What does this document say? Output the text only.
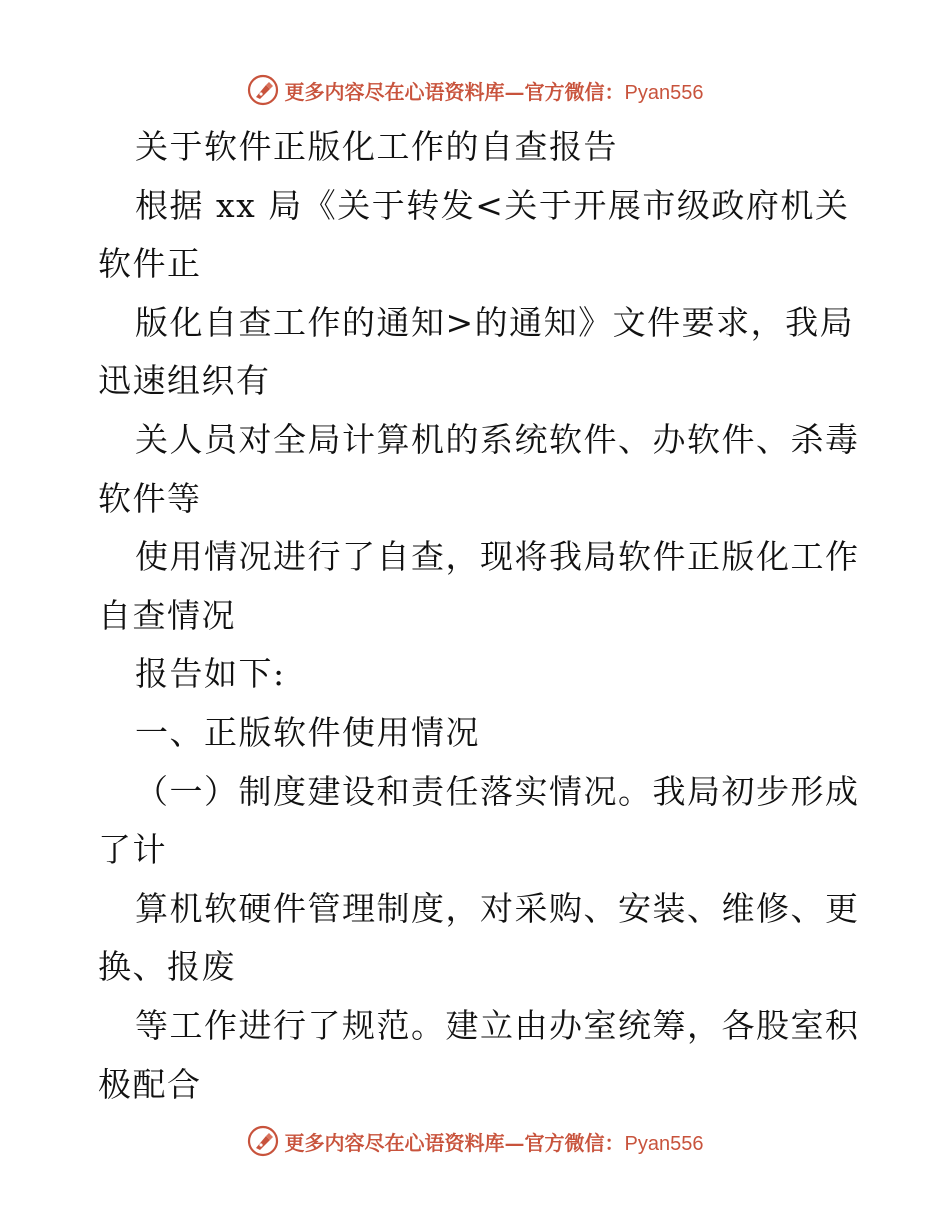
更多内容尽在心语资料库—官方微信：Pyan556
关于软件正版化工作的自查报告
根据 xx 局《关于转发<关于开展市级政府机关
软件正
版化自查工作的通知>的通知》文件要求，我局
迅速组织有
关人员对全局计算机的系统软件、办软件、杀毒
软件等
使用情况进行了自查，现将我局软件正版化工作
自查情况
报告如下:
一、正版软件使用情况
（一）制度建设和责任落实情况。我局初步形成
了计
算机软硬件管理制度，对采购、安装、维修、更
换、报废
等工作进行了规范。建立由办室统筹，各股室积
极配合
更多内容尽在心语资料库—官方微信：Pyan556
